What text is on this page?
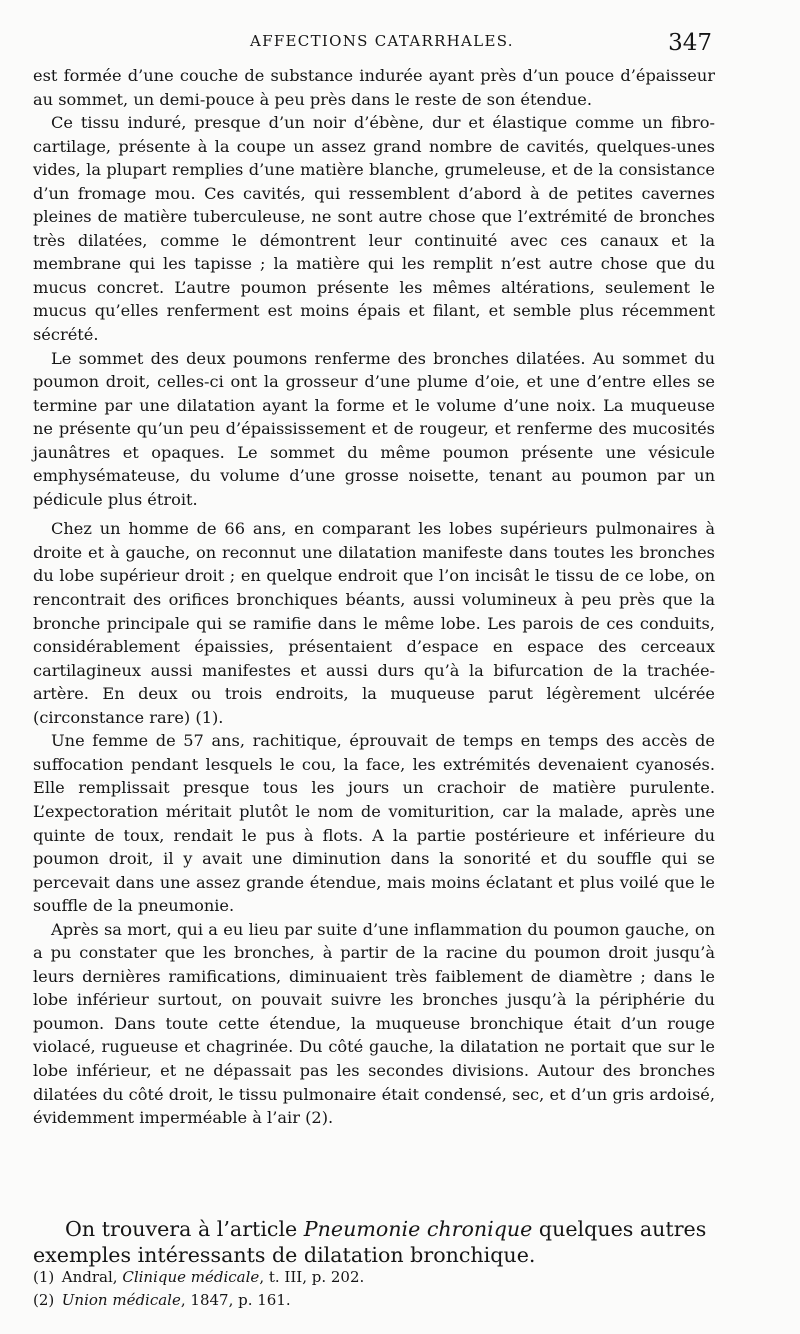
AFFECTIONS CATARRHALES.	347

est formée d’une couche de substance indurée ayant près d’un pouce d’épaisseur au sommet, un demi-pouce à peu près dans le reste de son étendue.

Ce tissu induré, presque d’un noir d’ébène, dur et élastique comme un fibro-cartilage, présente à la coupe un assez grand nombre de cavités, quelques-unes vides, la plupart remplies d’une matière blanche, grumeleuse, et de la consistance d’un fromage mou. Ces cavités, qui ressemblent d’abord à de petites cavernes pleines de matière tuberculeuse, ne sont autre chose que l’extrémité de bronches très dilatées, comme le démontrent leur continuité avec ces canaux et la membrane qui les tapisse ; la matière qui les remplit n’est autre chose que du mucus concret. L’autre poumon présente les mêmes altérations, seulement le mucus qu’elles renferment est moins épais et filant, et semble plus récemment sécrété.

Le sommet des deux poumons renferme des bronches dilatées. Au sommet du poumon droit, celles-ci ont la grosseur d’une plume d’oie, et une d’entre elles se termine par une dilatation ayant la forme et le volume d’une noix. La muqueuse ne présente qu’un peu d’épaississement et de rougeur, et renferme des mucosités jaunâtres et opaques. Le sommet du même poumon présente une vésicule emphysémateuse, du volume d’une grosse noisette, tenant au poumon par un pédicule plus étroit.

Chez un homme de 66 ans, en comparant les lobes supérieurs pulmonaires à droite et à gauche, on reconnut une dilatation manifeste dans toutes les bronches du lobe supérieur droit ; en quelque endroit que l’on incisât le tissu de ce lobe, on rencontrait des orifices bronchiques béants, aussi volumineux à peu près que la bronche principale qui se ramifie dans le même lobe. Les parois de ces conduits, considérablement épaissies, présentaient d’espace en espace des cerceaux cartilagineux aussi manifestes et aussi durs qu’à la bifurcation de la trachée-artère. En deux ou trois endroits, la muqueuse parut légèrement ulcérée (circonstance rare) (1).

Une femme de 57 ans, rachitique, éprouvait de temps en temps des accès de suffocation pendant lesquels le cou, la face, les extrémités devenaient cyanosés. Elle remplissait presque tous les jours un crachoir de matière purulente. L’expectoration méritait plutôt le nom de vomiturition, car la malade, après une quinte de toux, rendait le pus à flots. A la partie postérieure et inférieure du poumon droit, il y avait une diminution dans la sonorité et du souffle qui se percevait dans une assez grande étendue, mais moins éclatant et plus voilé que le souffle de la pneumonie.

Après sa mort, qui a eu lieu par suite d’une inflammation du poumon gauche, on a pu constater que les bronches, à partir de la racine du poumon droit jusqu’à leurs dernières ramifications, diminuaient très faiblement de diamètre ; dans le lobe inférieur surtout, on pouvait suivre les bronches jusqu’à la périphérie du poumon. Dans toute cette étendue, la muqueuse bronchique était d’un rouge violacé, rugueuse et chagrinée. Du côté gauche, la dilatation ne portait que sur le lobe inférieur, et ne dépassait pas les secondes divisions. Autour des bronches dilatées du côté droit, le tissu pulmonaire était condensé, sec, et d’un gris ardoisé, évidemment imperméable à l’air (2).

On trouvera à l’article Pneumonie chronique quelques autres exemples intéressants de dilatation bronchique.

(1) Andral, Clinique médicale, t. III, p. 202.
(2) Union médicale, 1847, p. 161.
